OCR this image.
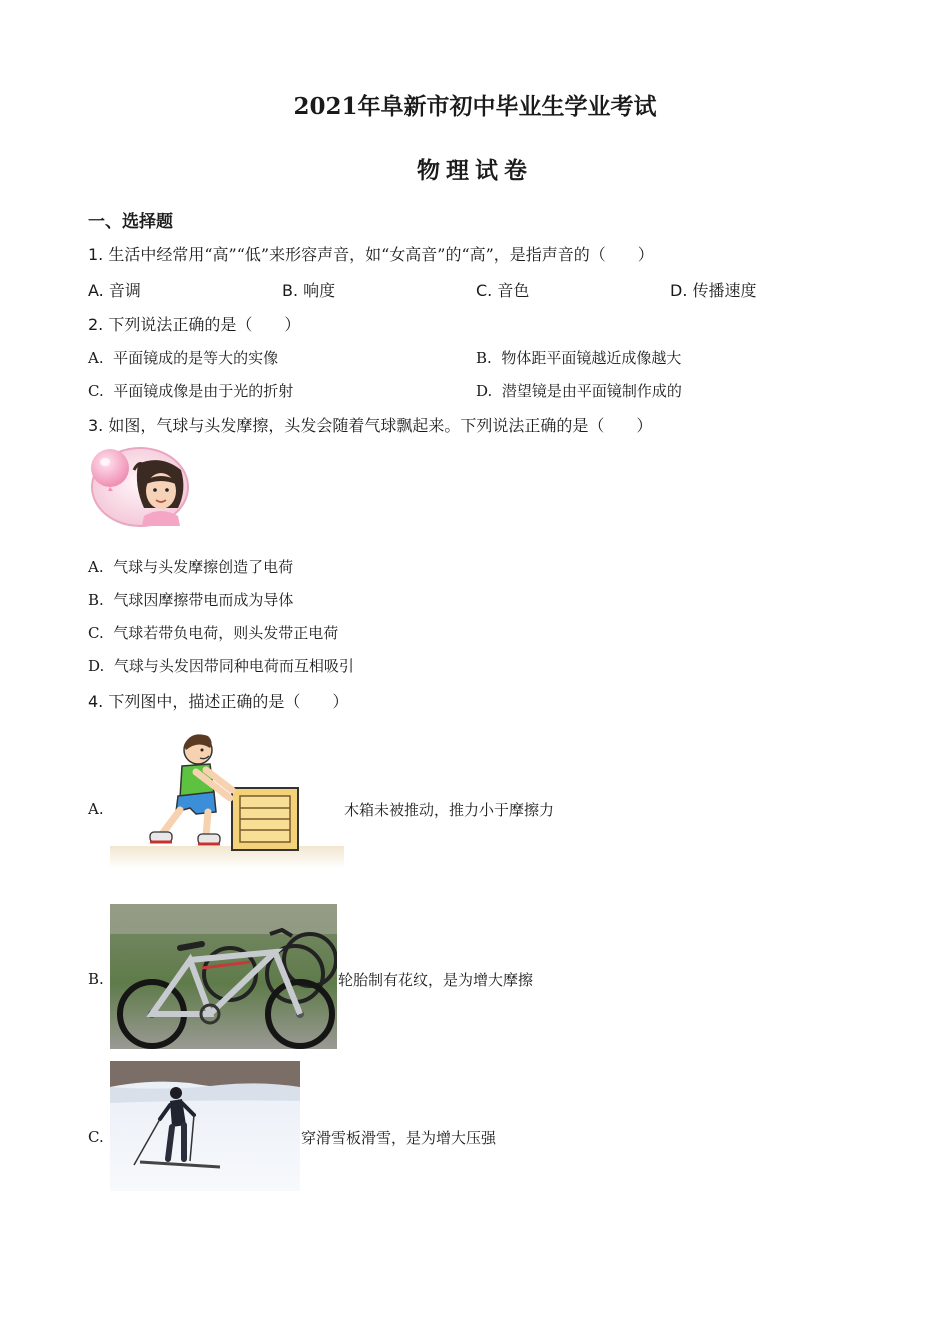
2021年阜新市初中毕业生学业考试
物理试卷
一、选择题
1. 生活中经常用“高”“低”来形容声音，如“女高音”的“高”，是指声音的（　　）
A. 音调	B. 响度	C. 音色	D. 传播速度
2. 下列说法正确的是（　　）
A. 平面镜成的是等大的实像	B. 物体距平面镜越近成像越大
C. 平面镜成像是由于光的折射	D. 潜望镜是由平面镜制作成的
3. 如图，气球与头发摩擦，头发会随着气球飘起来。下列说法正确的是（　　）
A. 气球与头发摩擦创造了电荷
B. 气球因摩擦带电而成为导体
C. 气球若带负电荷，则头发带正电荷
D. 气球与头发因带同种电荷而互相吸引
4. 下列图中，描述正确的是（　　）
A.	木箱未被推动，推力小于摩擦力
B.	轮胎制有花纹，是为增大摩擦
C.	穿滑雪板滑雪，是为增大压强
